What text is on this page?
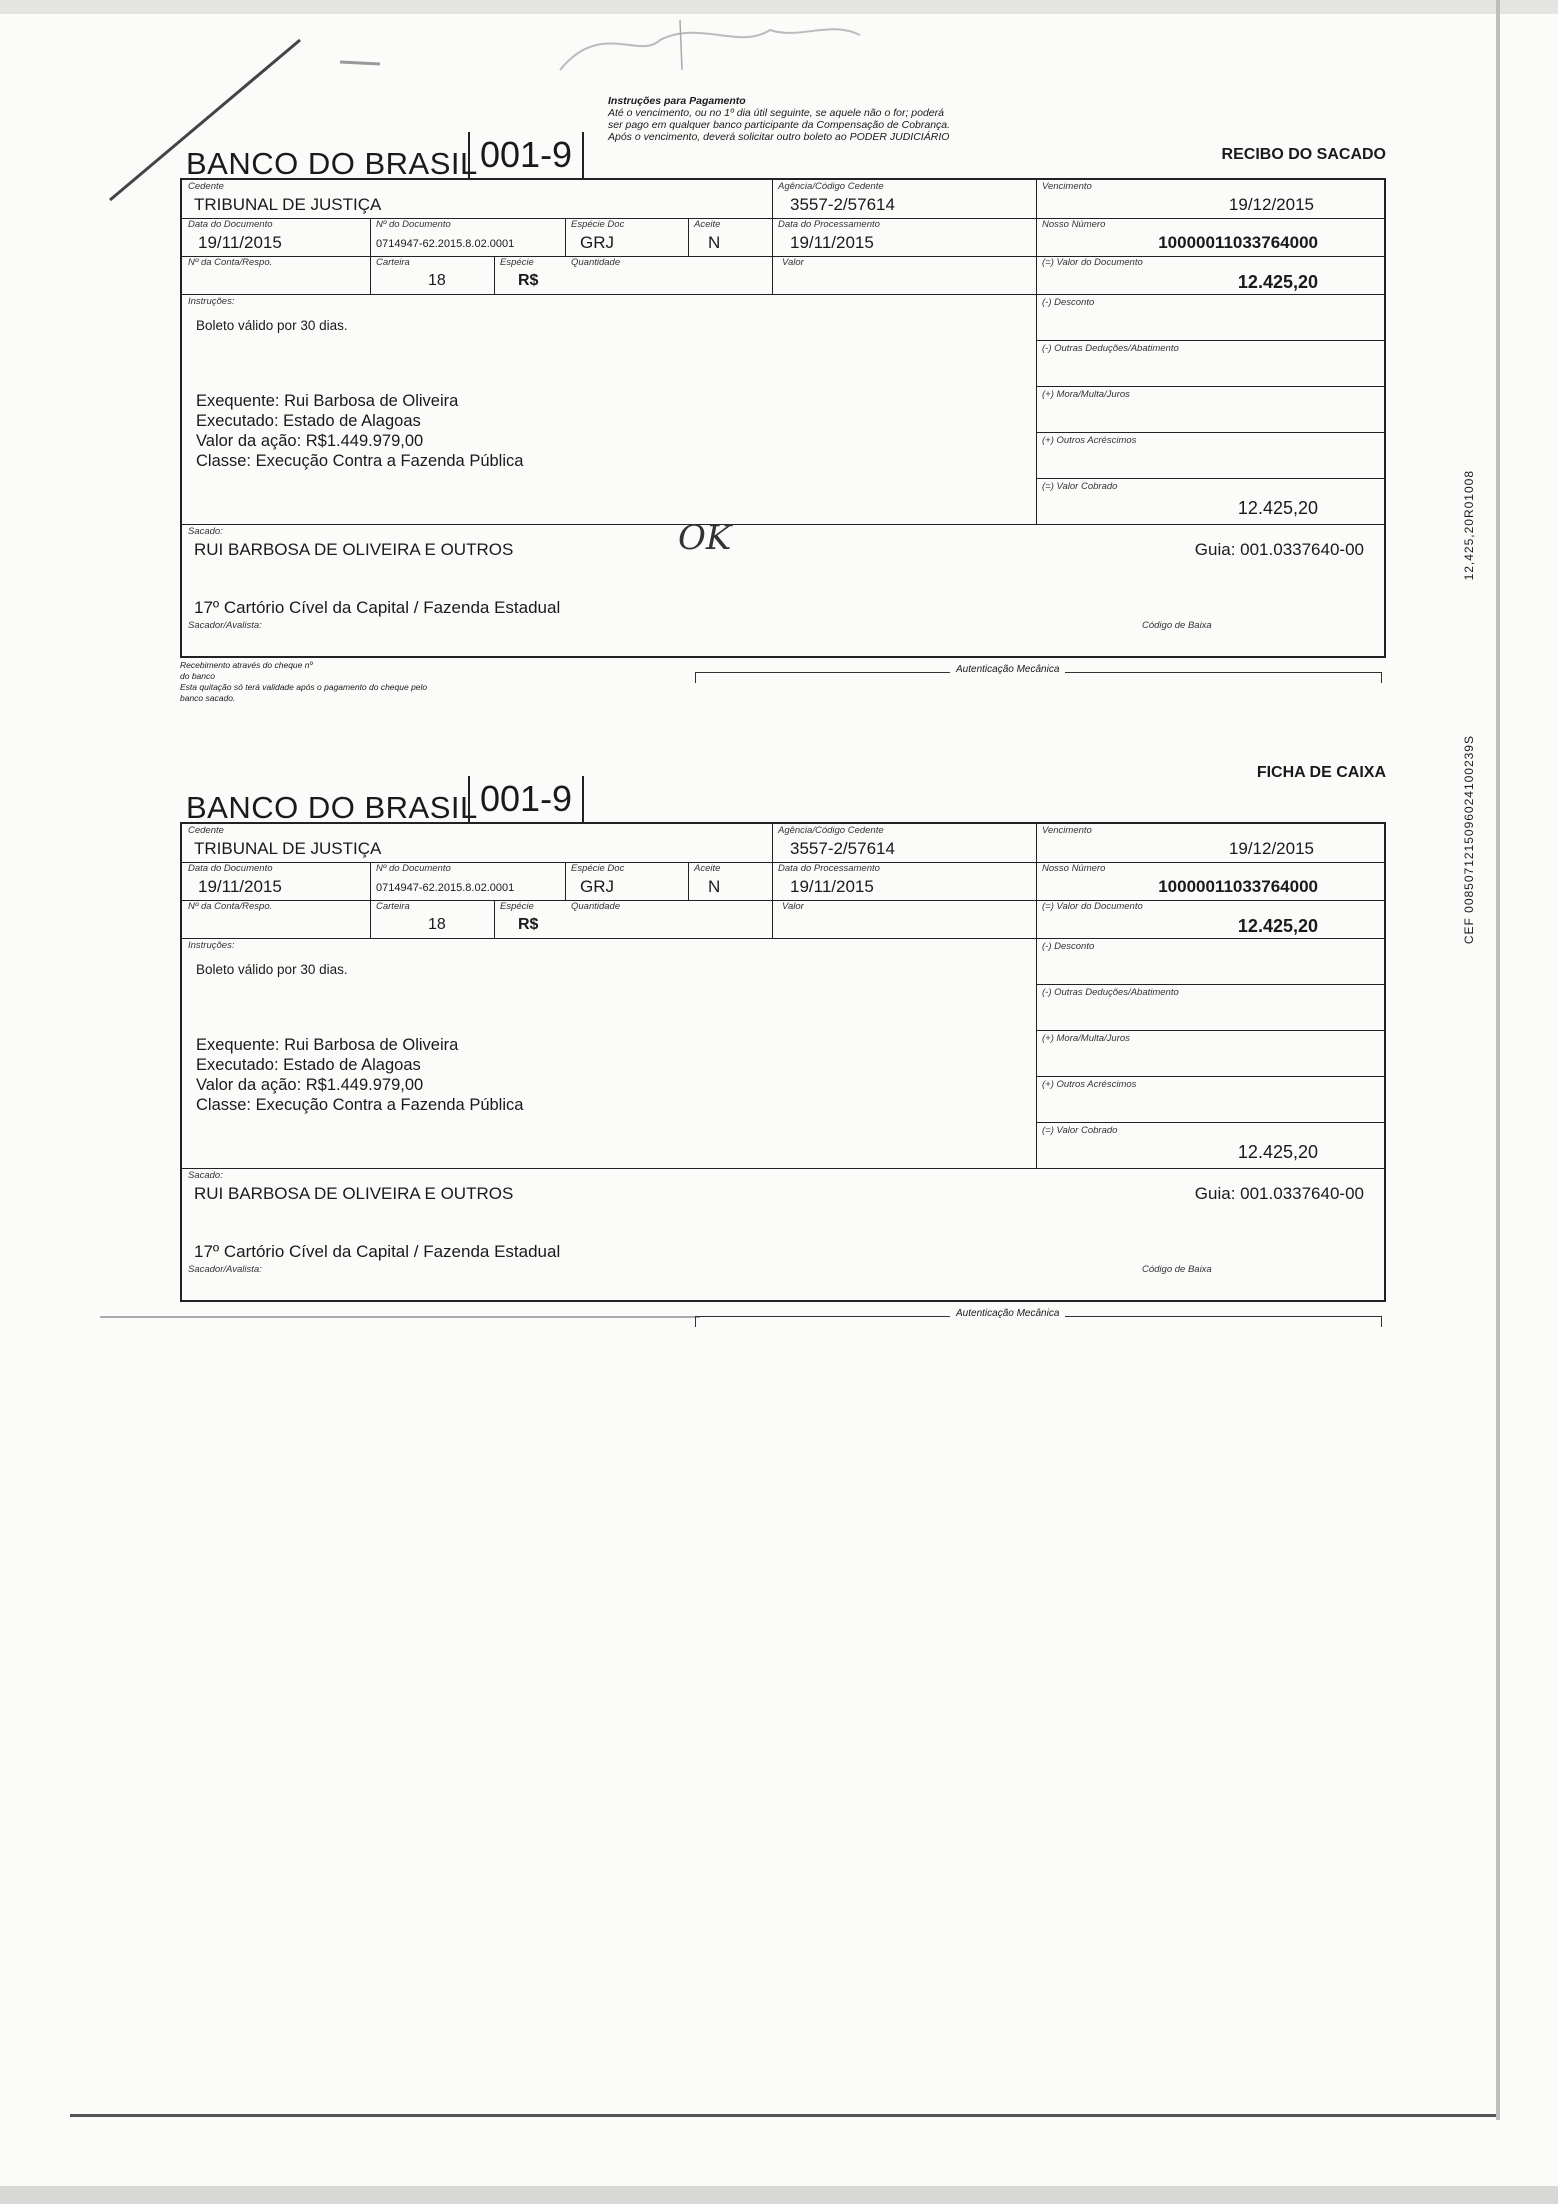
Instruções para Pagamento
Até o vencimento, ou no 1º dia útil seguinte, se aquele não o for; poderá
ser pago em qualquer banco participante da Compensação de Cobrança.
Após o vencimento, deverá solicitar outro boleto ao PODER JUDICIÁRIO
BANCO DO BRASIL 001-9	RECIBO DO SACADO
Cedente
TRIBUNAL DE JUSTIÇA
Agência/Código Cedente
3557-2/57614
Vencimento
19/12/2015
Data do Documento
19/11/2015
Nº do Documento
0714947-62.2015.8.02.0001
Espécie Doc
GRJ
Aceite
N
Data do Processamento
19/11/2015
Nosso Número
10000011033764000
Nº da Conta/Respo.	Carteira
18
Espécie
R$
Quantidade	Valor	(=) Valor do Documento
12.425,20
Instruções:
Boleto válido por 30 dias.
Exequente: Rui Barbosa de Oliveira
Executado: Estado de Alagoas
Valor da ação: R$1.449.979,00
Classe: Execução Contra a Fazenda Pública
(-) Desconto
(-) Outras Deduções/Abatimento
(+) Mora/Multa/Juros
(+) Outros Acréscimos
(=) Valor Cobrado
12.425,20
Sacado:
RUI BARBOSA DE OLIVEIRA E OUTROS	Guia: 001.0337640-00
17º Cartório Cível da Capital / Fazenda Estadual
Sacador/Avalista:	Código de Baixa
OK
Recebimento através do cheque nº
do banco
Esta quitação só terá validade após o pagamento do cheque pelo
banco sacado.
Autenticação Mecânica
BANCO DO BRASIL 001-9
FICHA DE CAIXA
Cedente
TRIBUNAL DE JUSTIÇA
Agência/Código Cedente
3557-2/57614
Vencimento
19/12/2015
Data do Documento
19/11/2015
Nº do Documento
0714947-62.2015.8.02.0001
Espécie Doc
GRJ
Aceite
N
Data do Processamento
19/11/2015
Nosso Número
10000011033764000
Nº da Conta/Respo.	Carteira
18
Espécie
R$
Quantidade	Valor	(=) Valor do Documento
12.425,20
Instruções:
Boleto válido por 30 dias.
Exequente: Rui Barbosa de Oliveira
Executado: Estado de Alagoas
Valor da ação: R$1.449.979,00
Classe: Execução Contra a Fazenda Pública
(-) Desconto
(-) Outras Deduções/Abatimento
(+) Mora/Multa/Juros
(+) Outros Acréscimos
(=) Valor Cobrado
12.425,20
Sacado:
RUI BARBOSA DE OLIVEIRA E OUTROS	Guia: 001.0337640-00
17º Cartório Cível da Capital / Fazenda Estadual
Sacador/Avalista:	Código de Baixa
Autenticação Mecânica
12,425,20R01008
CEF 0085071215096024100239S
